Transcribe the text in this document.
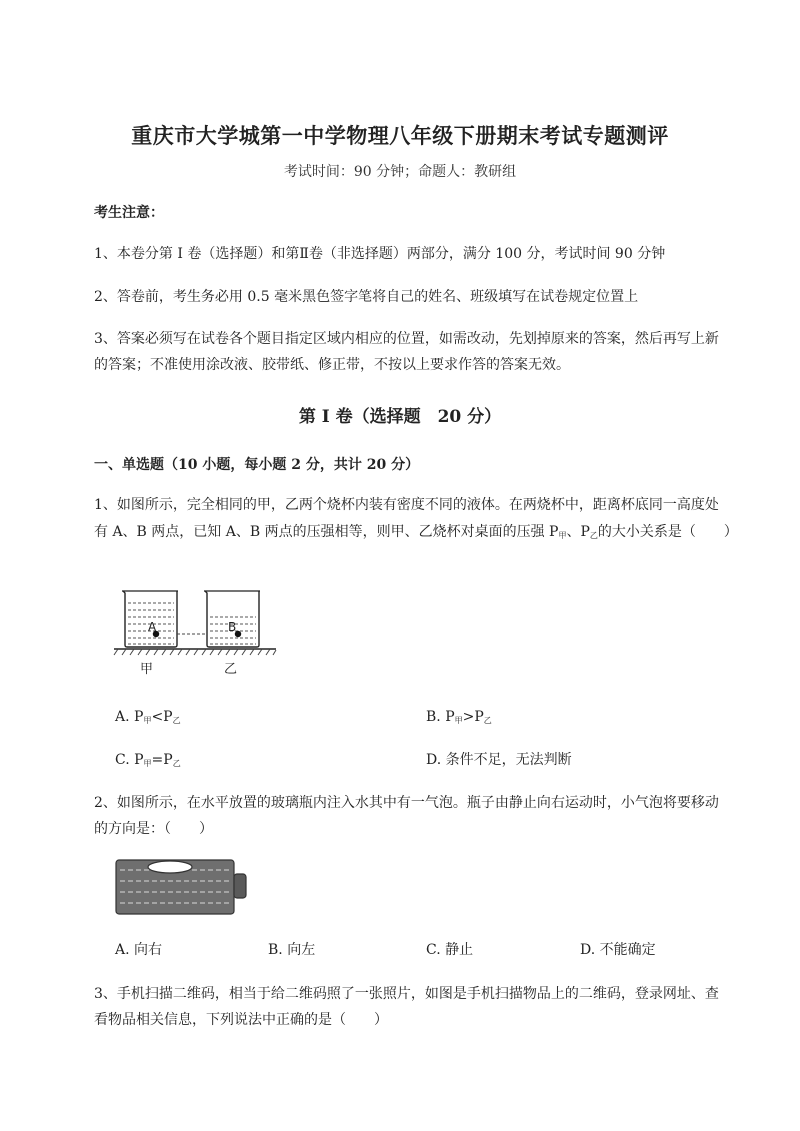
重庆市大学城第一中学物理八年级下册期末考试专题测评
考试时间：90 分钟；命题人：教研组
考生注意：
1、本卷分第 I 卷（选择题）和第Ⅱ卷（非选择题）两部分，满分 100 分，考试时间 90 分钟
2、答卷前，考生务必用 0.5 毫米黑色签字笔将自己的姓名、班级填写在试卷规定位置上
3、答案必须写在试卷各个题目指定区域内相应的位置，如需改动，先划掉原来的答案，然后再写上新
的答案；不准使用涂改液、胶带纸、修正带，不按以上要求作答的答案无效。
第 I 卷（选择题　20 分）
一、单选题（10 小题，每小题 2 分，共计 20 分）
1、如图所示，完全相同的甲，乙两个烧杯内装有密度不同的液体。在两烧杯中，距离杯底同一高度处
有 A、B 两点，已知 A、B 两点的压强相等，则甲、乙烧杯对桌面的压强 $P_甲$、$P_乙$的大小关系是（　　）
A	B
甲	乙
A. $P_甲<P_乙$	B. $P_甲>P_乙$
C. $P_甲=P_乙$	D. 条件不足，无法判断
2、如图所示，在水平放置的玻璃瓶内注入水其中有一气泡。瓶子由静止向右运动时，小气泡将要移动
的方向是：（　　）
A. 向右	B. 向左	C. 静止	D. 不能确定
3、手机扫描二维码，相当于给二维码照了一张照片，如图是手机扫描物品上的二维码，登录网址、查
看物品相关信息，下列说法中正确的是（　　）
